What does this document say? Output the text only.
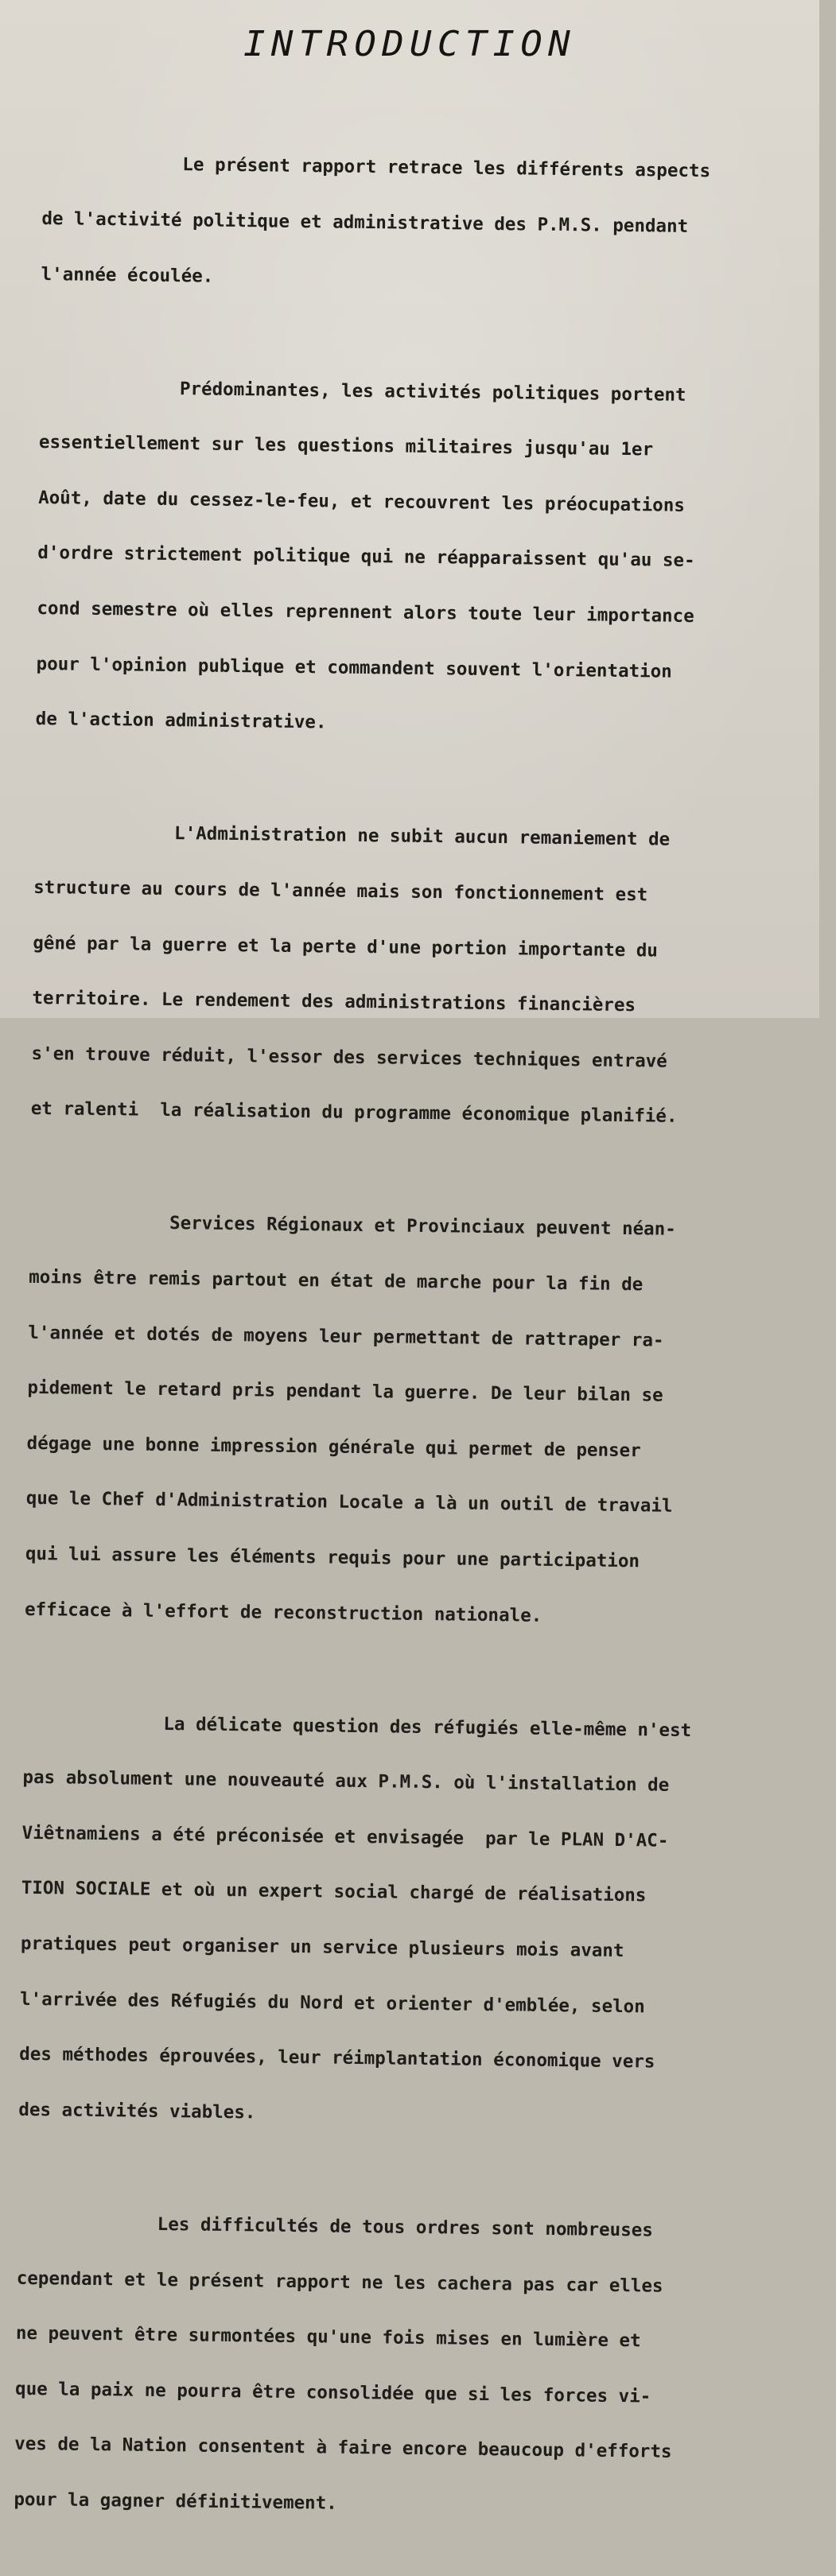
INTRODUCTION

Le présent rapport retrace les différents aspects

de l'activité politique et administrative des P.M.S. pendant

l'année écoulée.

Prédominantes, les activités politiques portent

essentiellement sur les questions militaires jusqu'au 1er

Août, date du cessez-le-feu, et recouvrent les préocupations

d'ordre strictement politique qui ne réapparaissent qu'au se-

cond semestre où elles reprennent alors toute leur importance

pour l'opinion publique et commandent souvent l'orientation

de l'action administrative.

L'Administration ne subit aucun remaniement de

structure au cours de l'année mais son fonctionnement est

gêné par la guerre et la perte d'une portion importante du

territoire. Le rendement des administrations financières

s'en trouve réduit, l'essor des services techniques entravé

et ralenti  la réalisation du programme économique planifié.

Services Régionaux et Provinciaux peuvent néan-

moins être remis partout en état de marche pour la fin de

l'année et dotés de moyens leur permettant de rattraper ra-

pidement le retard pris pendant la guerre. De leur bilan se

dégage une bonne impression générale qui permet de penser

que le Chef d'Administration Locale a là un outil de travail

qui lui assure les éléments requis pour une participation

efficace à l'effort de reconstruction nationale.

La délicate question des réfugiés elle-même n'est

pas absolument une nouveauté aux P.M.S. où l'installation de

Viêtnamiens a été préconisée et envisagée  par le PLAN D'AC-

TION SOCIALE et où un expert social chargé de réalisations

pratiques peut organiser un service plusieurs mois avant

l'arrivée des Réfugiés du Nord et orienter d'emblée, selon

des méthodes éprouvées, leur réimplantation économique vers

des activités viables.

Les difficultés de tous ordres sont nombreuses

cependant et le présent rapport ne les cachera pas car elles

ne peuvent être surmontées qu'une fois mises en lumière et

que la paix ne pourra être consolidée que si les forces vi-

ves de la Nation consentent à faire encore beaucoup d'efforts

pour la gagner définitivement.
